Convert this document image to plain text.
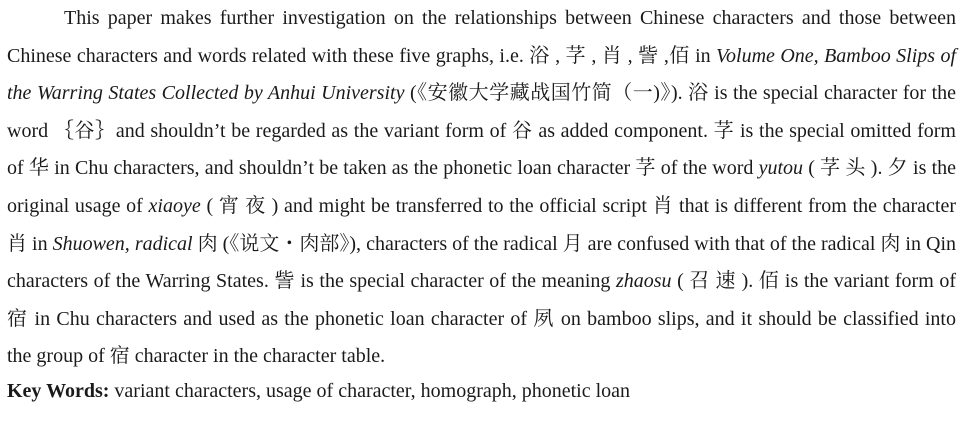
This paper makes further investigation on the relationships between Chinese characters and those between Chinese characters and words related with these five graphs, i.e. 浴 , 芓 , 肖 , 訾 ,佰 in Volume One, Bamboo Slips of the Warring States Collected by Anhui University (《安徽大学藏战国竹简（一)》). 浴 is the special character for the word ｛谷｝and shouldn’t be regarded as the variant form of 谷 as added component. 芓 is the special omitted form of 华 in Chu characters, and shouldn’t be taken as the phonetic loan character 芓 of the word yutou ( 芓 头 ). 夕 is the original usage of xiaoye ( 宵 夜 ) and might be transferred to the official script 肖 that is different from the character 肖 in Shuowen, radical 肉 (《说文・肉部》), characters of the radical 月 are confused with that of the radical 肉 in Qin characters of the Warring States. 訾 is the special character of the meaning zhaosu ( 召 速 ). 佰 is the variant form of 宿 in Chu characters and used as the phonetic loan character of 夙 on bamboo slips, and it should be classified into the group of 宿 character in the character table.

Key Words: variant characters, usage of character, homograph, phonetic loan
